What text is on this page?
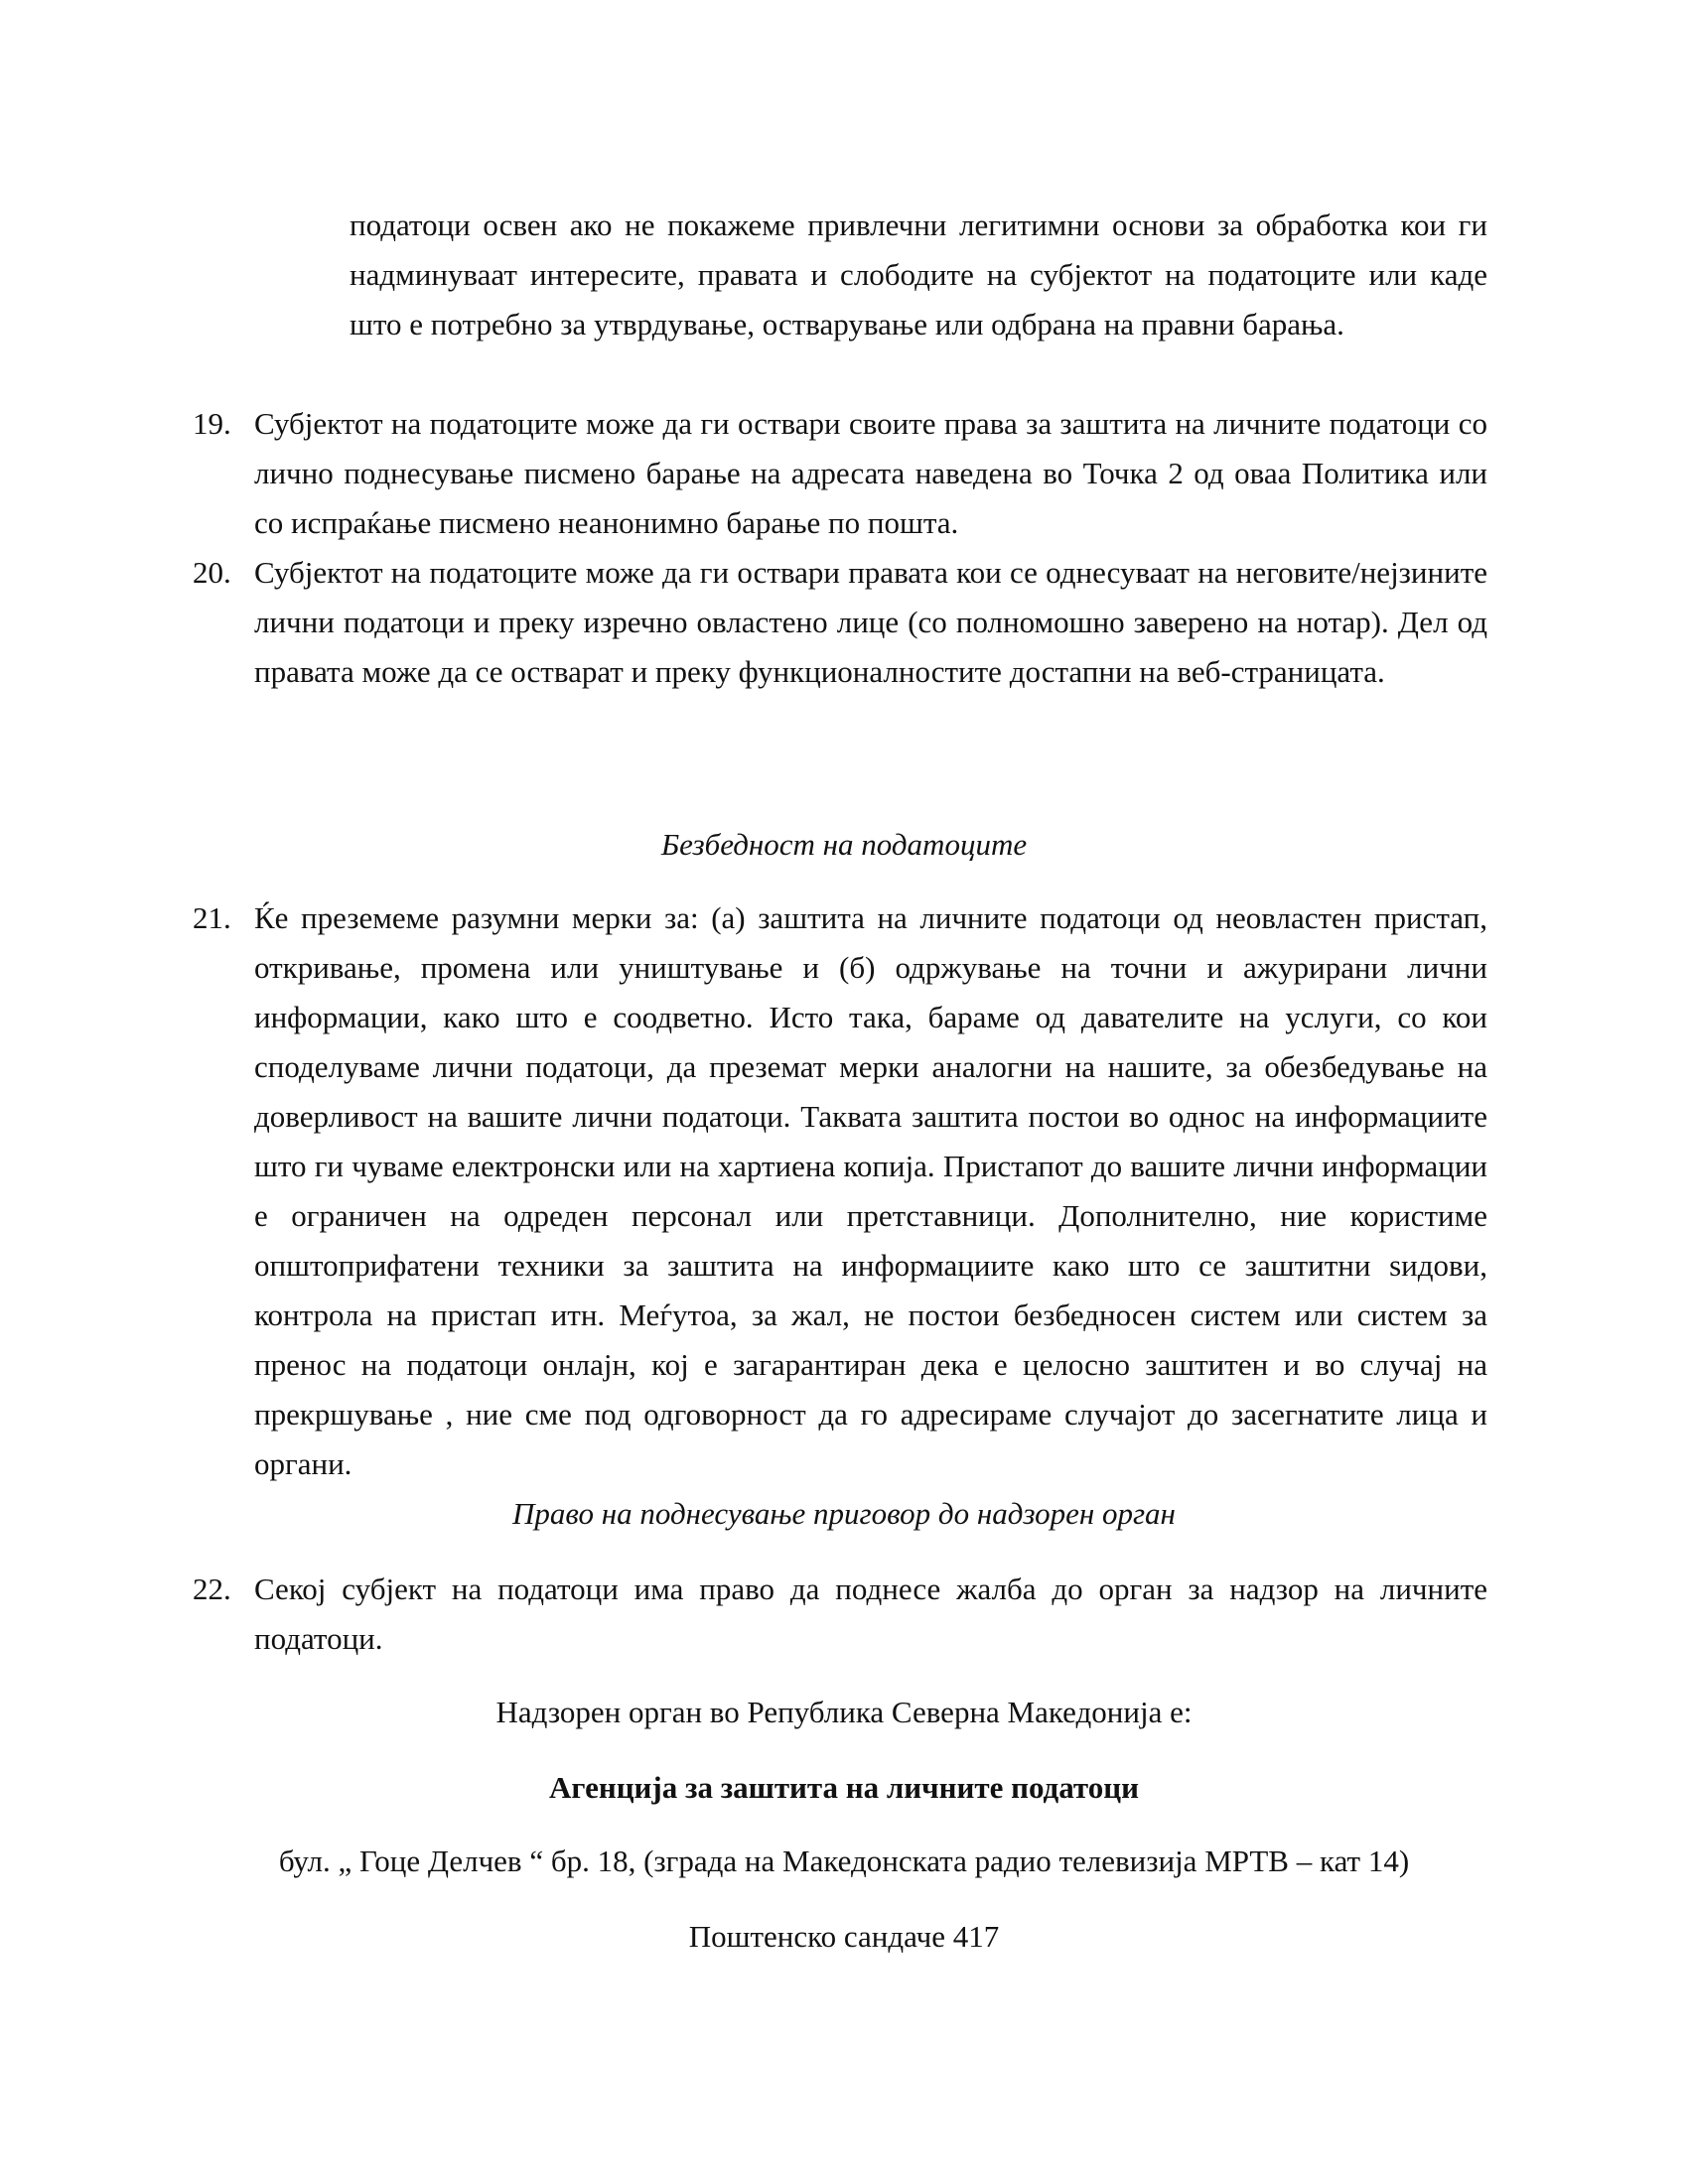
податоци освен ако не покажеме привлечни легитимни основи за обработка кои ги надминуваат интересите, правата и слободите на субјектот на податоците или каде што е потребно за утврдување, остварување или одбрана на правни барања.
19. Субјектот на податоците може да ги оствари своите права за заштита на личните податоци со лично поднесување писмено барање на адресата наведена во Точка 2 од оваа Политика или со испраќање писмено неанонимно барање по пошта.
20. Субјектот на податоците може да ги оствари правата кои се однесуваат на неговите/нејзините лични податоци и преку изречно овластено лице (со полномошно заверено на нотар). Дел од правата може да се остварат и преку функционалностите достапни на веб-страницата.
Безбедност на податоците
21. Ќе преземеме разумни мерки за: (а) заштита на личните податоци од неовластен пристап, откривање, промена или уништување и (б) одржување на точни и ажурирани лични информации, како што е соодветно. Исто така, бараме од давателите на услуги, со кои споделуваме лични податоци, да преземат мерки аналогни на нашите, за обезбедување на доверливост на вашите лични податоци. Таквата заштита постои во однос на информациите што ги чуваме електронски или на хартиена копија. Пристапот до вашите лични информации е ограничен на одреден персонал или претставници. Дополнително, ние користиме општоприфатени техники за заштита на информациите како што се заштитни ѕидови, контрола на пристап итн. Меѓутоа, за жал, не постои безбедносен систем или систем за пренос на податоци онлајн, кој е загарантиран дека е целосно заштитен и во случај на прекршување , ние сме под одговорност да го адресираме случајот до засегнатите лица и органи.
Право на поднесување приговор до надзорен орган
22. Секој субјект на податоци има право да поднесе жалба до орган за надзор на личните податоци.
Надзорен орган во Република Северна Македонија е:
Агенција за заштита на личните податоци
бул. „ Гоце Делчев “ бр. 18, (зграда на Македонската радио телевизија МРТВ – кат 14)
Поштенско сандаче 417
